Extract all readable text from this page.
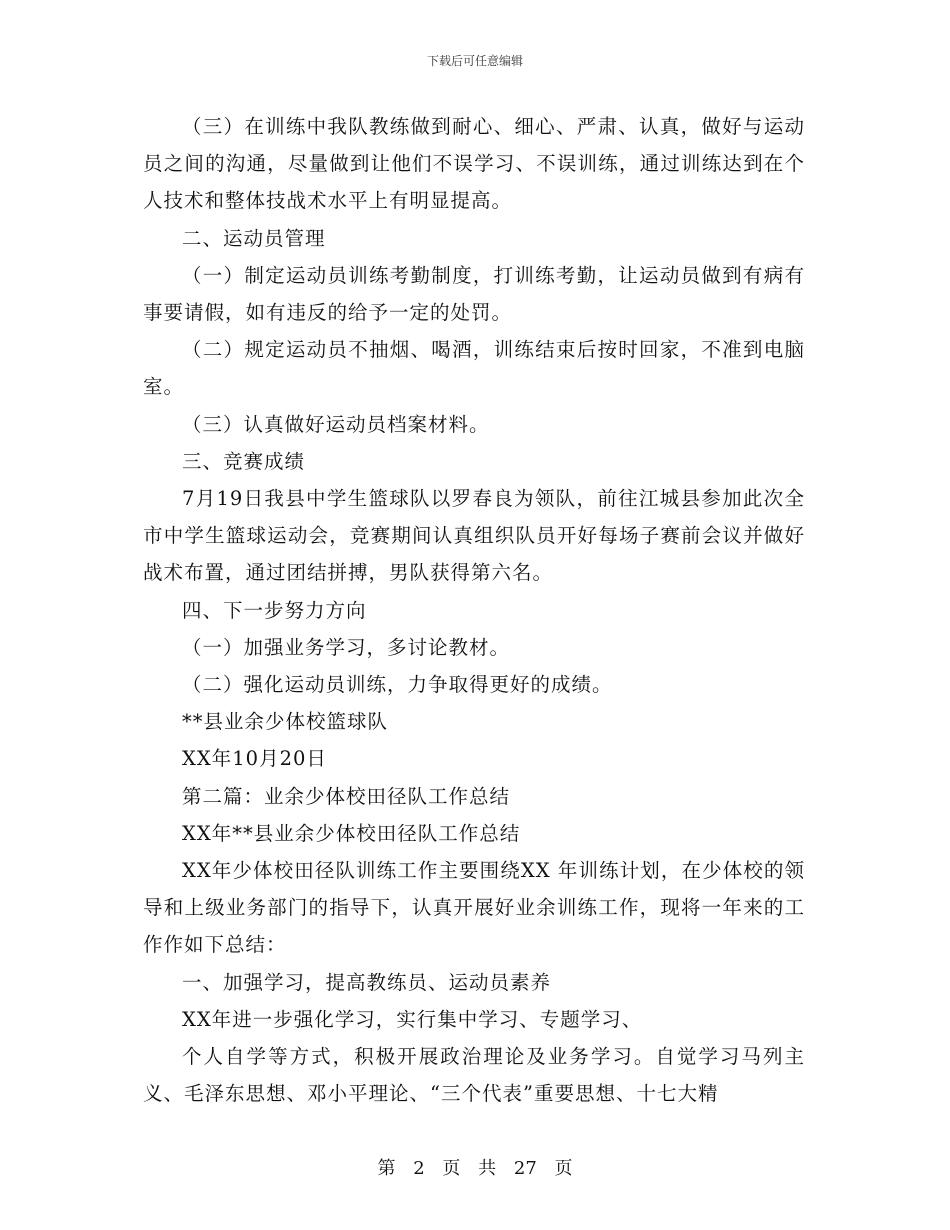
下载后可任意编辑

（三）在训练中我队教练做到耐心、细心、严肃、认真，做好与运动员之间的沟通，尽量做到让他们不误学习、不误训练，通过训练达到在个人技术和整体技战术水平上有明显提高。

二、运动员管理

（一）制定运动员训练考勤制度，打训练考勤，让运动员做到有病有事要请假，如有违反的给予一定的处罚。

（二）规定运动员不抽烟、喝酒，训练结束后按时回家，不准到电脑室。

（三）认真做好运动员档案材料。

三、竞赛成绩

7月19日我县中学生篮球队以罗春良为领队，前往江城县参加此次全市中学生篮球运动会，竞赛期间认真组织队员开好每场子赛前会议并做好战术布置，通过团结拼搏，男队获得第六名。

四、下一步努力方向

（一）加强业务学习，多讨论教材。

（二）强化运动员训练，力争取得更好的成绩。

**县业余少体校篮球队

XX年10月20日

第二篇：业余少体校田径队工作总结

XX年**县业余少体校田径队工作总结

XX年少体校田径队训练工作主要围绕XX 年训练计划，在少体校的领导和上级业务部门的指导下，认真开展好业余训练工作，现将一年来的工作作如下总结：

一、加强学习，提高教练员、运动员素养

XX年进一步强化学习，实行集中学习、专题学习、

个人自学等方式，积极开展政治理论及业务学习。自觉学习马列主义、毛泽东思想、邓小平理论、“三个代表”重要思想、十七大精

第 2 页 共 27 页
